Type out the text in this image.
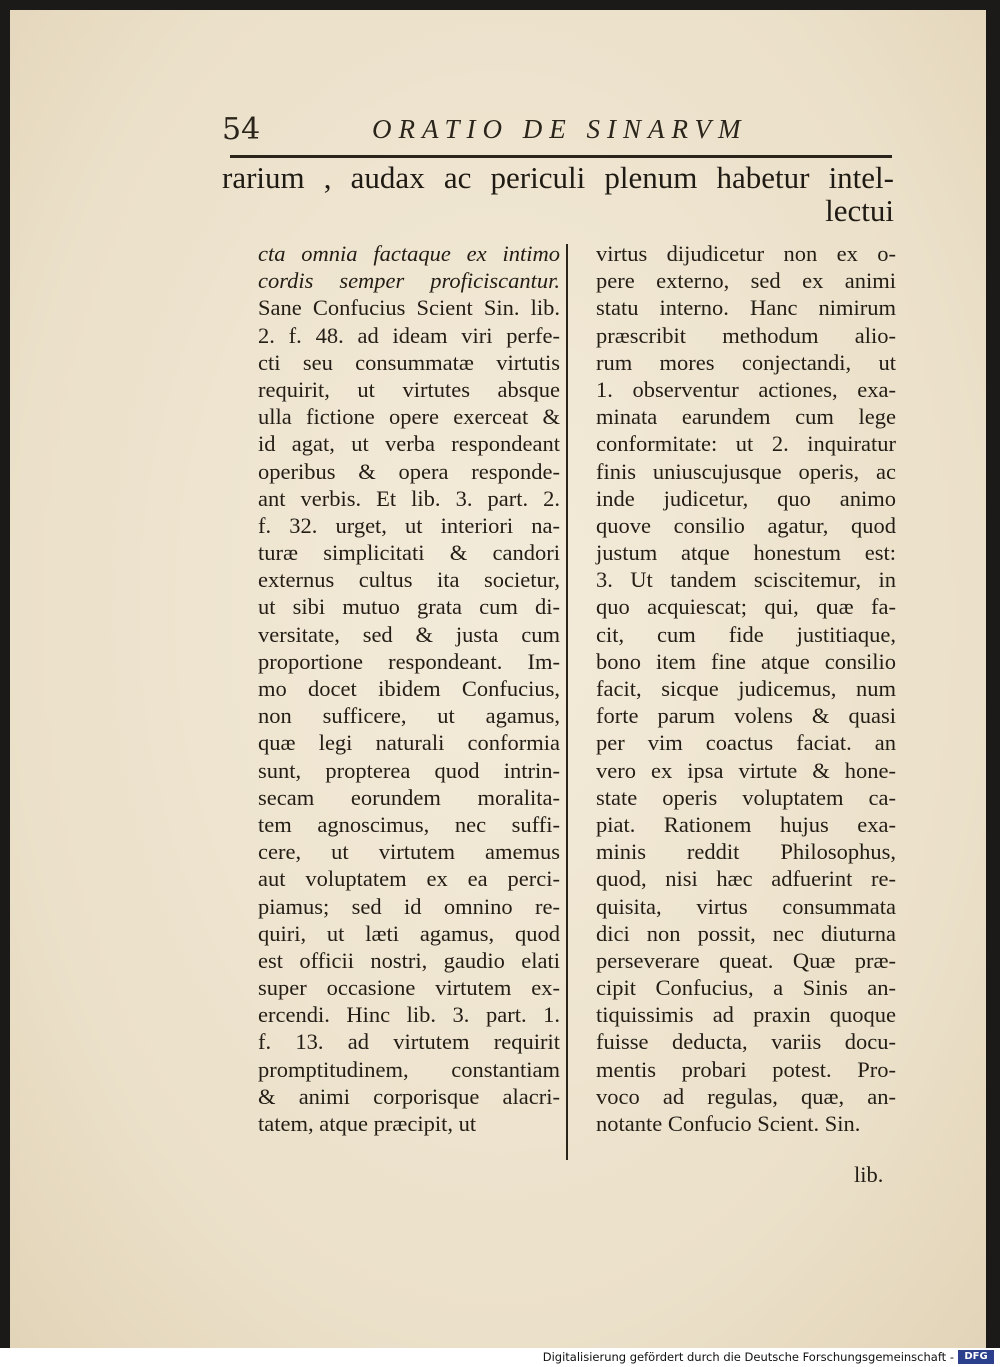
54	ORATIO DE SINARVM
rarium , audax ac periculi plenum habetur intel-
lectui
cta omnia factaque ex intimo
cordis semper proficiscantur.
Sane Confucius Scient Sin. lib.
2. f. 48. ad ideam viri perfe-
cti seu consummatæ virtutis
requirit, ut virtutes absque
ulla fictione opere exerceat &
id agat, ut verba respondeant
operibus & opera responde-
ant verbis. Et lib. 3. part. 2.
f. 32. urget, ut interiori na-
turæ simplicitati & candori
externus cultus ita societur,
ut sibi mutuo grata cum di-
versitate, sed & justa cum
proportione respondeant. Im-
mo docet ibidem Confucius,
non sufficere, ut agamus,
quæ legi naturali conformia
sunt, propterea quod intrin-
secam eorundem moralita-
tem agnoscimus, nec suffi-
cere, ut virtutem amemus
aut voluptatem ex ea perci-
piamus; sed id omnino re-
quiri, ut læti agamus, quod
est officii nostri, gaudio elati
super occasione virtutem ex-
ercendi. Hinc lib. 3. part. 1.
f. 13. ad virtutem requirit
promptitudinem, constantiam
& animi corporisque alacri-
tatem, atque præcipit, ut
virtus dijudicetur non ex o-
pere externo, sed ex animi
statu interno. Hanc nimirum
præscribit methodum alio-
rum mores conjectandi, ut
1. observentur actiones, exa-
minata earundem cum lege
conformitate: ut 2. inquiratur
finis uniuscujusque operis, ac
inde judicetur, quo animo
quove consilio agatur, quod
justum atque honestum est:
3. Ut tandem sciscitemur, in
quo acquiescat; qui, quæ fa-
cit, cum fide justitiaque,
bono item fine atque consilio
facit, sicque judicemus, num
forte parum volens & quasi
per vim coactus faciat. an
vero ex ipsa virtute & hone-
state operis voluptatem ca-
piat. Rationem hujus exa-
minis reddit Philosophus,
quod, nisi hæc adfuerint re-
quisita, virtus consummata
dici non possit, nec diuturna
perseverare queat. Quæ præ-
cipit Confucius, a Sinis an-
tiquissimis ad praxin quoque
fuisse deducta, variis docu-
mentis probari potest. Pro-
voco ad regulas, quæ, an-
notante Confucio Scient. Sin.
lib.
Digitalisierung gefördert durch die Deutsche Forschungsgemeinschaft -	DFG
